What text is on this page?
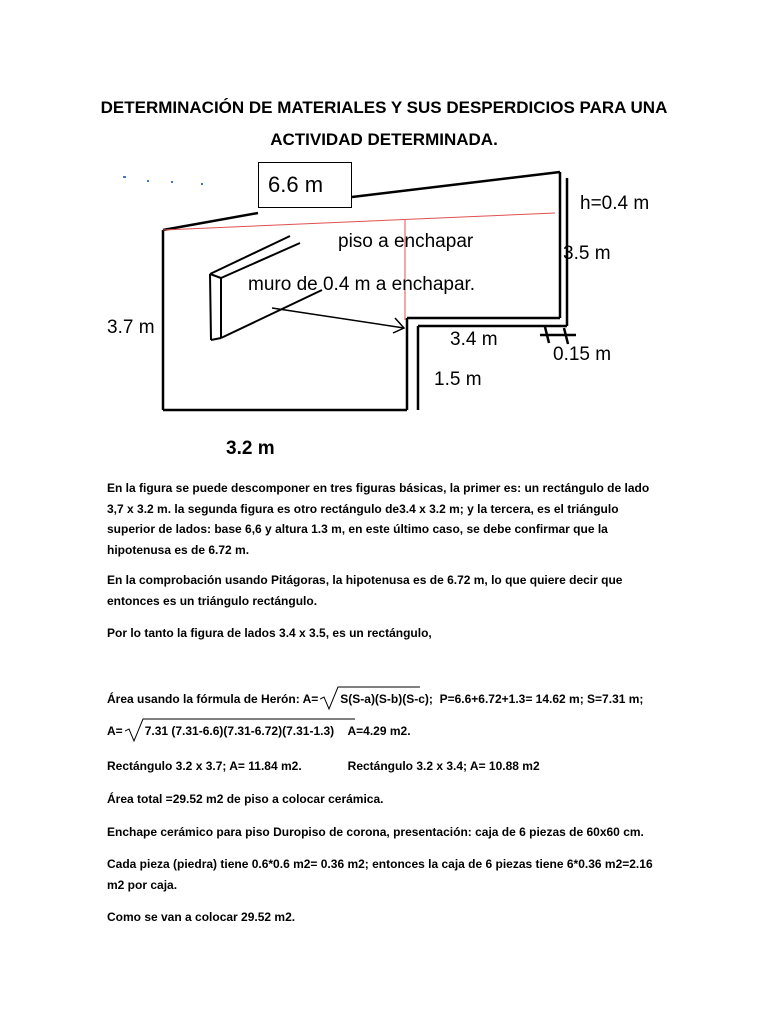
DETERMINACIÓN DE MATERIALES Y SUS DESPERDICIOS PARA UNA
ACTIVIDAD DETERMINADA.
6.6 m
h=0.4 m
3.5 m
piso a enchapar
muro de 0.4 m a enchapar.
3.7 m
3.4 m
0.15 m
1.5 m
3.2 m
En la figura se puede descomponer en tres figuras básicas, la primer es: un rectángulo de lado 3,7 x 3.2 m. la segunda figura es otro rectángulo de3.4 x 3.2 m; y la tercera, es el triángulo superior de lados: base 6,6 y altura 1.3 m, en este último caso, se debe confirmar que la hipotenusa es de 6.72 m.
En la comprobación usando Pitágoras, la hipotenusa es de 6.72 m, lo que quiere decir que entonces es un triángulo rectángulo.
Por lo tanto la figura de lados 3.4 x 3.5, es un rectángulo,
Área usando la fórmula de Herón: A= S(S-a)(S-b)(S-c); P=6.6+6.72+1.3= 14.62 m; S=7.31 m;
A= 7.31 (7.31-6.6)(7.31-6.72)(7.31-1.3) A=4.29 m2.
Rectángulo 3.2 x 3.7; A= 11.84 m2.	Rectángulo 3.2 x 3.4; A= 10.88 m2
Área total =29.52 m2 de piso a colocar cerámica.
Enchape cerámico para piso Duropiso de corona, presentación: caja de 6 piezas de 60x60 cm.
Cada pieza (piedra) tiene 0.6*0.6 m2= 0.36 m2; entonces la caja de 6 piezas tiene 6*0.36 m2=2.16 m2 por caja.
Como se van a colocar 29.52 m2.
